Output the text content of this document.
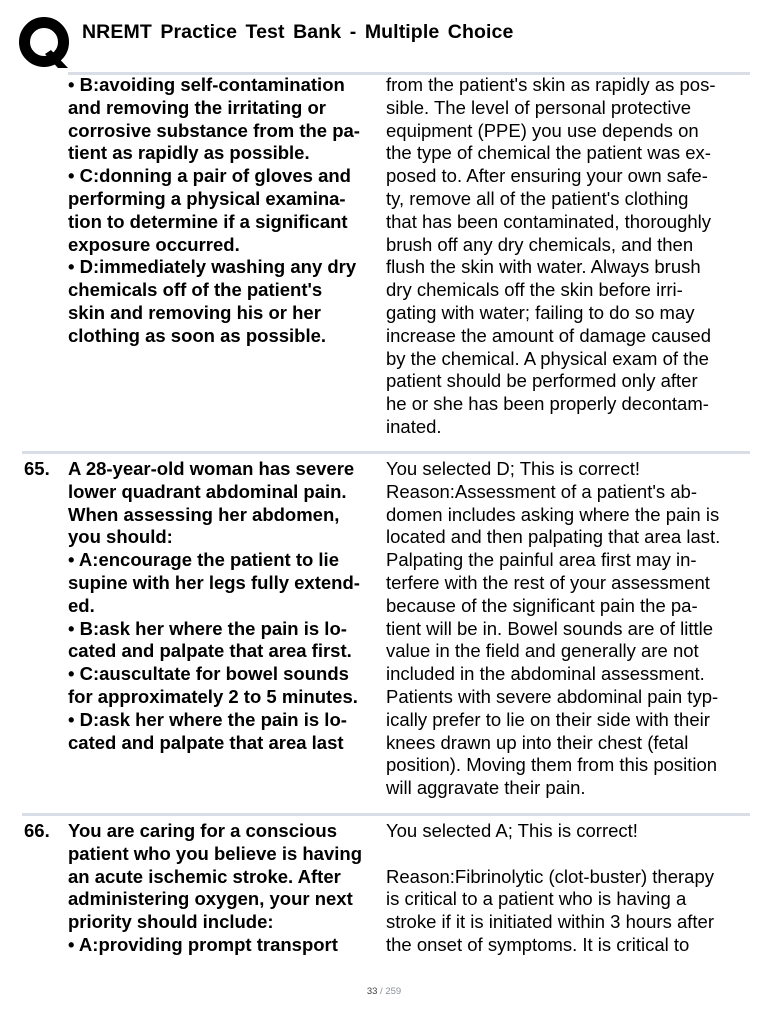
NREMT Practice Test Bank - Multiple Choice
• B:avoiding self-contamination
and removing the irritating or
corrosive substance from the pa-
tient as rapidly as possible.
• C:donning a pair of gloves and
performing a physical examina-
tion to determine if a significant
exposure occurred.
• D:immediately washing any dry
chemicals off of the patient's
skin and removing his or her
clothing as soon as possible.
from the patient's skin as rapidly as pos-
sible. The level of personal protective
equipment (PPE) you use depends on
the type of chemical the patient was ex-
posed to. After ensuring your own safe-
ty, remove all of the patient's clothing
that has been contaminated, thoroughly
brush off any dry chemicals, and then
flush the skin with water. Always brush
dry chemicals off the skin before irri-
gating with water; failing to do so may
increase the amount of damage caused
by the chemical. A physical exam of the
patient should be performed only after
he or she has been properly decontam-
inated.
65. A 28-year-old woman has severe
lower quadrant abdominal pain.
When assessing her abdomen,
you should:
• A:encourage the patient to lie
supine with her legs fully extend-
ed.
• B:ask her where the pain is lo-
cated and palpate that area first.
• C:auscultate for bowel sounds
for approximately 2 to 5 minutes.
• D:ask her where the pain is lo-
cated and palpate that area last
You selected D; This is correct!
Reason:Assessment of a patient's ab-
domen includes asking where the pain is
located and then palpating that area last.
Palpating the painful area first may in-
terfere with the rest of your assessment
because of the significant pain the pa-
tient will be in. Bowel sounds are of little
value in the field and generally are not
included in the abdominal assessment.
Patients with severe abdominal pain typ-
ically prefer to lie on their side with their
knees drawn up into their chest (fetal
position). Moving them from this position
will aggravate their pain.
66. You are caring for a conscious
patient who you believe is having
an acute ischemic stroke. After
administering oxygen, your next
priority should include:
• A:providing prompt transport
You selected A; This is correct!
Reason:Fibrinolytic (clot-buster) therapy
is critical to a patient who is having a
stroke if it is initiated within 3 hours after
the onset of symptoms. It is critical to
33 / 259
